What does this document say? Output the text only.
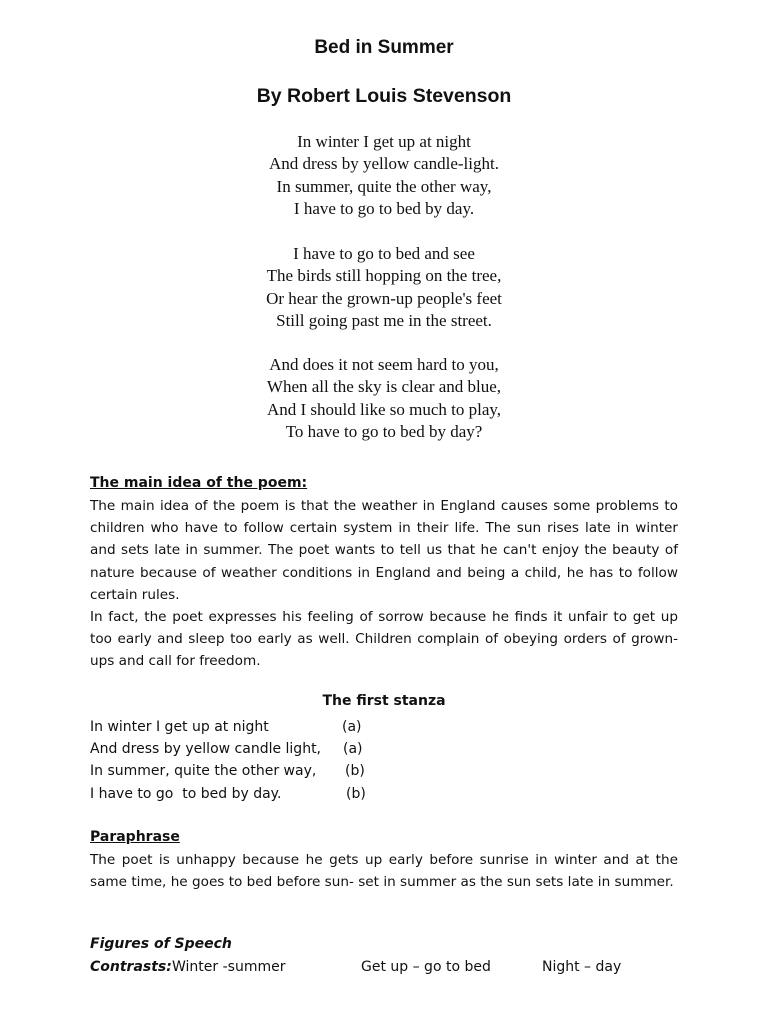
Bed in Summer
By Robert Louis Stevenson
In winter I get up at night
And dress by yellow candle-light.
In summer, quite the other way,
I have to go to bed by day.
I have to go to bed and see
The birds still hopping on the tree,
Or hear the grown-up people's feet
Still going past me in the street.
And does it not seem hard to you,
When all the sky is clear and blue,
And I should like so much to play,
To have to go to bed by day?
The main idea of the poem:

The main idea of the poem is that the weather in England causes some problems to children who have to follow certain system in their life. The sun rises late in winter and sets late in summer. The poet wants to tell us that he can't enjoy the beauty of nature because of weather conditions in England and being a child, he has to follow certain rules.

In fact, the poet expresses his feeling of sorrow because he finds it unfair to get up too early and sleep too early as well. Children complain of obeying orders of grown- ups and call for freedom.

The first stanza
In winter I get up at night	(a)
And dress by yellow candle light, (a)
In summer, quite the other way, (b)
I have to go  to bed by day.	(b)
Paraphrase
The poet is unhappy because he gets up early before sunrise in winter and at the same time, he goes to bed before sun- set in summer as the sun sets late in summer.
Figures of Speech
Contrasts: Winter -summer	Get up – go to bed	Night – day
